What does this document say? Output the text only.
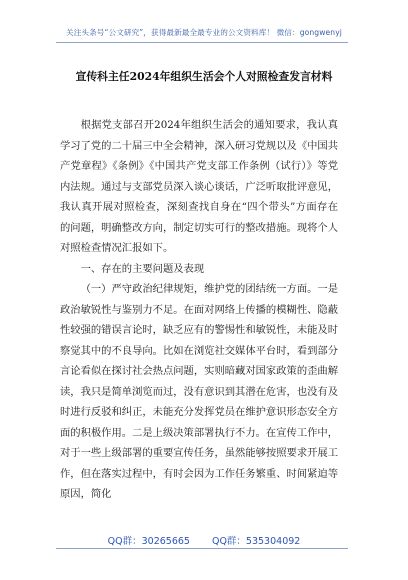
关注头条号“公文研究”，获得最新最全最专业的公文资料库！ 微信：gongwenyj
宣传科主任2024年组织生活会个人对照检查发言材料

根据党支部召开2024年组织生活会的通知要求，我认真学习了党的二十届三中全会精神，深入研习党规以及《中国共产党章程》《条例》《中国共产党支部工作条例（试行）》等党内法规。通过与支部党员深入谈心谈话，广泛听取批评意见，我认真开展对照检查，深刻查找自身在“四个带头”方面存在的问题，明确整改方向，制定切实可行的整改措施。现将个人对照检查情况汇报如下。

一、存在的主要问题及表现

（一）严守政治纪律规矩，维护党的团结统一方面。一是政治敏锐性与鉴别力不足。在面对网络上传播的模糊性、隐蔽性较强的错误言论时，缺乏应有的警惕性和敏锐性，未能及时察觉其中的不良导向。比如在浏览社交媒体平台时，看到部分言论看似在探讨社会热点问题，实则暗藏对国家政策的歪曲解读，我只是简单浏览而过，没有意识到其潜在危害，也没有及时进行反驳和纠正，未能充分发挥党员在维护意识形态安全方面的积极作用。二是上级决策部署执行不力。在宣传工作中，对于一些上级部署的重要宣传任务，虽然能够按照要求开展工作，但在落实过程中，有时会因为工作任务繁重、时间紧迫等原因，简化

QQ群：30265665 QQ群：535304092
